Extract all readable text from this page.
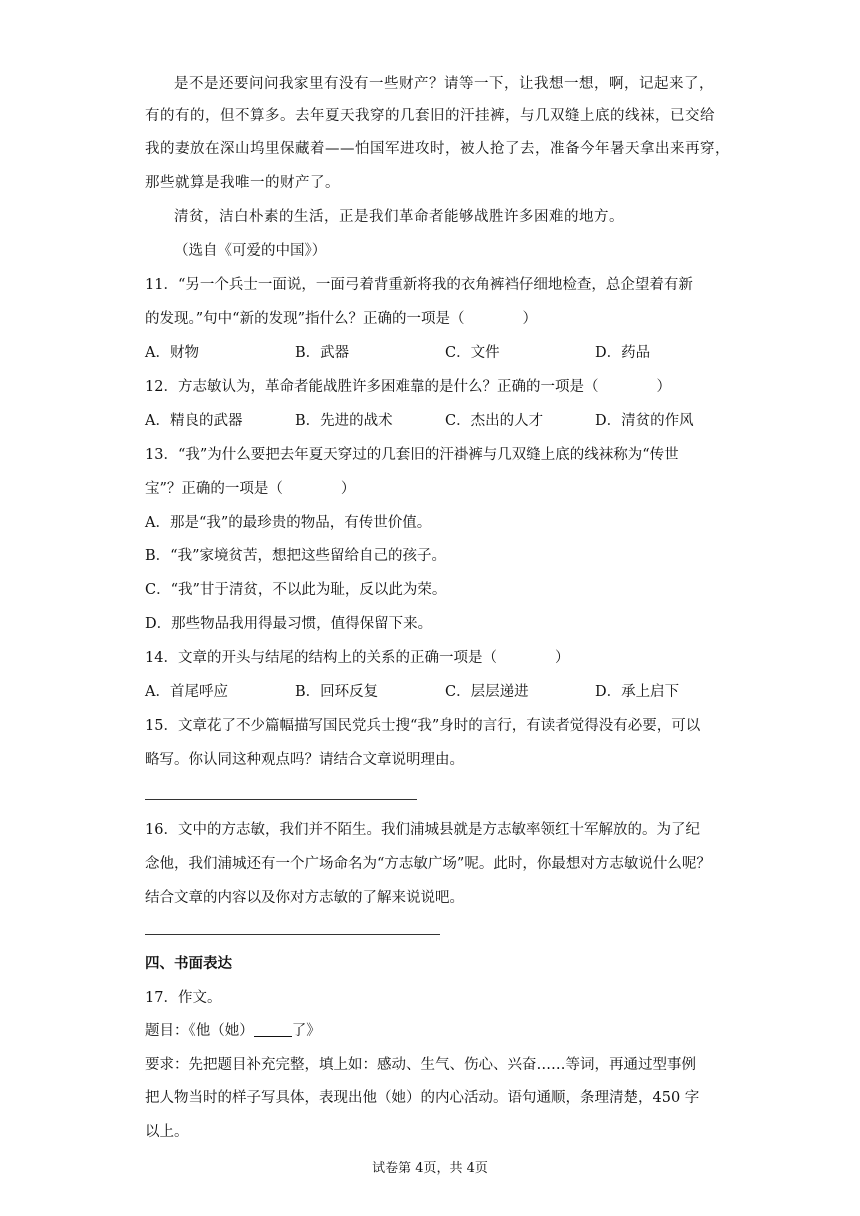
是不是还要问问我家里有没有一些财产？请等一下，让我想一想，啊，记起来了，
有的有的，但不算多。去年夏天我穿的几套旧的汗挂裤，与几双缝上底的线袜，已交给
我的妻放在深山坞里保藏着——怕国军进攻时，被人抢了去，准备今年暑天拿出来再穿，
那些就算是我唯一的财产了。
清贫，洁白朴素的生活，正是我们革命者能够战胜许多困难的地方。
（选自《可爱的中国》）
11．“另一个兵士一面说，一面弓着背重新将我的衣角裤裆仔细地检查，总企望着有新
的发现。”句中“新的发现”指什么？正确的一项是（　　　　）
A．财物	B．武器	C．文件	D．药品
12．方志敏认为，革命者能战胜许多困难靠的是什么？正确的一项是（　　　　）
A．精良的武器	B．先进的战术	C．杰出的人才	D．清贫的作风
13．“我”为什么要把去年夏天穿过的几套旧的汗褂裤与几双缝上底的线袜称为“传世
宝”？正确的一项是（　　　　）
A．那是“我”的最珍贵的物品，有传世价值。
B．“我”家境贫苦，想把这些留给自己的孩子。
C．“我”甘于清贫，不以此为耻，反以此为荣。
D．那些物品我用得最习惯，值得保留下来。
14．文章的开头与结尾的结构上的关系的正确一项是（　　　　）
A．首尾呼应	B．回环反复	C．层层递进	D．承上启下
15．文章花了不少篇幅描写国民党兵士搜“我”身时的言行，有读者觉得没有必要，可以
略写。你认同这种观点吗？请结合文章说明理由。
16．文中的方志敏，我们并不陌生。我们浦城县就是方志敏率领红十军解放的。为了纪
念他，我们浦城还有一个广场命名为“方志敏广场”呢。此时，你最想对方志敏说什么呢？
结合文章的内容以及你对方志敏的了解来说说吧。
四、书面表达
17．作文。
题目：《他（她）	了》
要求：先把题目补充完整，填上如：感动、生气、伤心、兴奋……等词，再通过型事例
把人物当时的样子写具体，表现出他（她）的内心活动。语句通顺，条理清楚，450 字
以上。
试卷第 4页，共 4页
